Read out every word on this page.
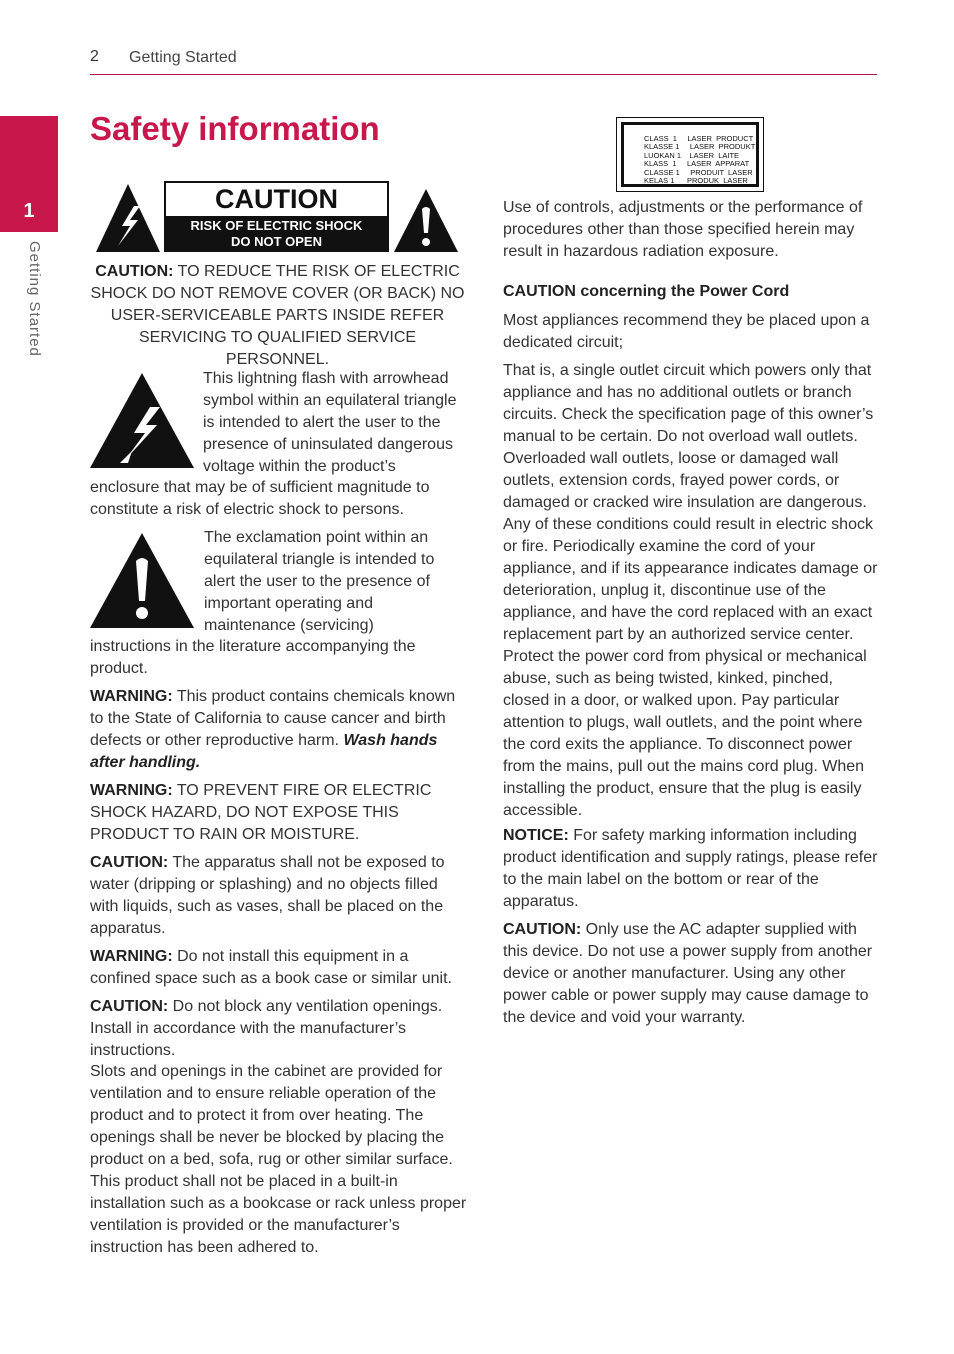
2 Getting Started
1
Getting Started
Safety information
CAUTION
RISK OF ELECTRIC SHOCK
DO NOT OPEN

CAUTION: TO REDUCE THE RISK OF ELECTRIC SHOCK DO NOT REMOVE COVER (OR BACK) NO USER-SERVICEABLE PARTS INSIDE REFER SERVICING TO QUALIFIED SERVICE PERSONNEL.

This lightning flash with arrowhead symbol within an equilateral triangle is intended to alert the user to the presence of uninsulated dangerous voltage within the product’s

enclosure that may be of sufficient magnitude to constitute a risk of electric shock to persons.

The exclamation point within an equilateral triangle is intended to alert the user to the presence of important operating and maintenance (servicing)

instructions in the literature accompanying the product.

WARNING: This product contains chemicals known to the State of California to cause cancer and birth defects or other reproductive harm. Wash hands after handling.

WARNING: TO PREVENT FIRE OR ELECTRIC SHOCK HAZARD, DO NOT EXPOSE THIS PRODUCT TO RAIN OR MOISTURE.

CAUTION: The apparatus shall not be exposed to water (dripping or splashing) and no objects filled with liquids, such as vases, shall be placed on the apparatus.

WARNING: Do not install this equipment in a confined space such as a book case or similar unit.

CAUTION: Do not block any ventilation openings. Install in accordance with the manufacturer’s instructions.

Slots and openings in the cabinet are provided for ventilation and to ensure reliable operation of the product and to protect it from over heating. The openings shall be never be blocked by placing the product on a bed, sofa, rug or other similar surface. This product shall not be placed in a built-in installation such as a bookcase or rack unless proper ventilation is provided or the manufacturer’s instruction has been adhered to.

CLASS  1     LASER  PRODUCT
KLASSE 1     LASER  PRODUKT
LUOKAN 1    LASER  LAITE
KLASS  1     LASER  APPARAT
CLASSE 1     PRODUIT  LASER
KELAS 1      PRODUK  LASER

Use of controls, adjustments or the performance of procedures other than those specified herein may result in hazardous radiation exposure.

CAUTION concerning the Power Cord

Most appliances recommend they be placed upon a dedicated circuit;

That is, a single outlet circuit which powers only that appliance and has no additional outlets or branch circuits. Check the specification page of this owner’s manual to be certain. Do not overload wall outlets. Overloaded wall outlets, loose or damaged wall outlets, extension cords, frayed power cords, or damaged or cracked wire insulation are dangerous. Any of these conditions could result in electric shock or fire. Periodically examine the cord of your appliance, and if its appearance indicates damage or deterioration, unplug it, discontinue use of the appliance, and have the cord replaced with an exact replacement part by an authorized service center. Protect the power cord from physical or mechanical abuse, such as being twisted, kinked, pinched, closed in a door, or walked upon. Pay particular attention to plugs, wall outlets, and the point where the cord exits the appliance. To disconnect power from the mains, pull out the mains cord plug. When installing the product, ensure that the plug is easily accessible.

NOTICE: For safety marking information including product identification and supply ratings, please refer to the main label on the bottom or rear of the apparatus.

CAUTION: Only use the AC adapter supplied with this device. Do not use a power supply from another device or another manufacturer. Using any other power cable or power supply may cause damage to the device and void your warranty.
